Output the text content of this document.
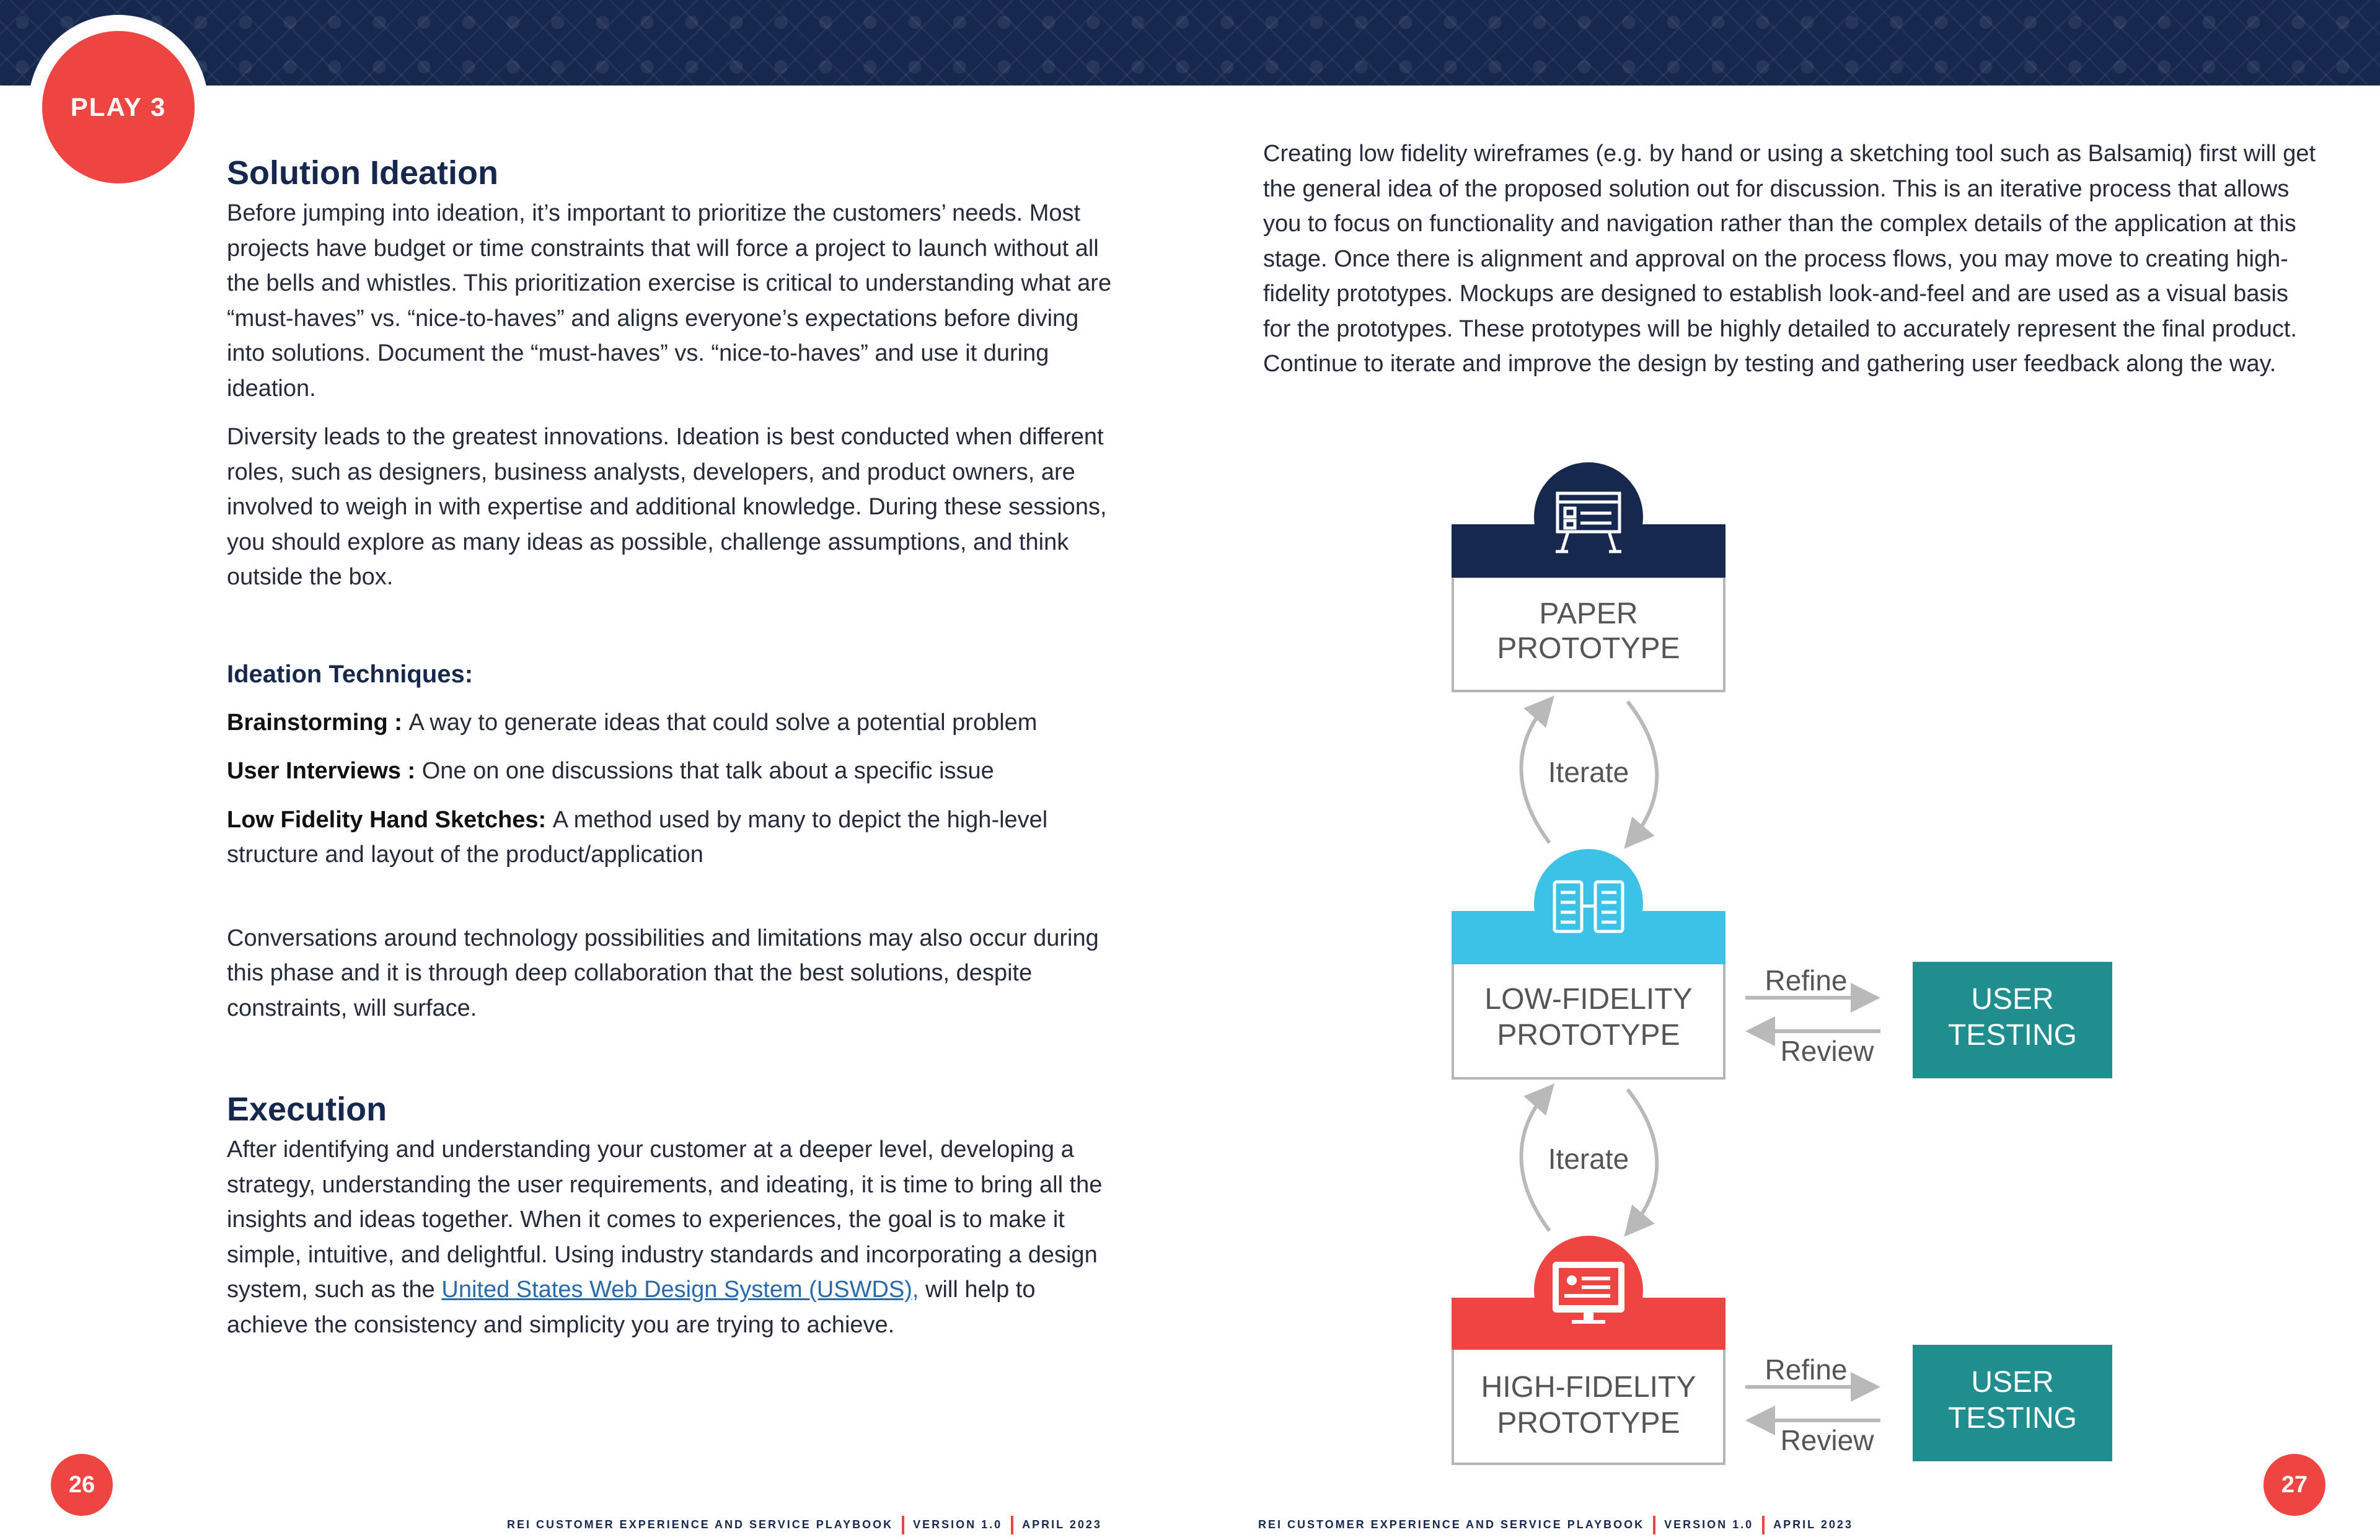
PLAY 3

Solution Ideation

Before jumping into ideation, it’s important to prioritize the customers’ needs. Most projects have budget or time constraints that will force a project to launch without all the bells and whistles. This prioritization exercise is critical to understanding what are “must-haves” vs. “nice-to-haves” and aligns everyone’s expectations before diving into solutions. Document the “must-haves” vs. “nice-to-haves” and use it during ideation.

Diversity leads to the greatest innovations. Ideation is best conducted when different roles, such as designers, business analysts, developers, and product owners, are involved to weigh in with expertise and additional knowledge. During these sessions, you should explore as many ideas as possible, challenge assumptions, and think outside the box.

Ideation Techniques:

Brainstorming : A way to generate ideas that could solve a potential problem

User Interviews : One on one discussions that talk about a specific issue

Low Fidelity Hand Sketches: A method used by many to depict the high-level structure and layout of the product/application

Conversations around technology possibilities and limitations may also occur during this phase and it is through deep collaboration that the best solutions, despite constraints, will surface.

Execution

After identifying and understanding your customer at a deeper level, developing a strategy, understanding the user requirements, and ideating, it is time to bring all the insights and ideas together. When it comes to experiences, the goal is to make it simple, intuitive, and delightful. Using industry standards and incorporating a design system, such as the United States Web Design System (USWDS), will help to achieve the consistency and simplicity you are trying to achieve.

26

Creating low fidelity wireframes (e.g. by hand or using a sketching tool such as Balsamiq) first will get the general idea of the proposed solution out for discussion. This is an iterative process that allows you to focus on functionality and navigation rather than the complex details of the application at this stage. Once there is alignment and approval on the process flows, you may move to creating high-fidelity prototypes. Mockups are designed to establish look-and-feel and are used as a visual basis for the prototypes. These prototypes will be highly detailed to accurately represent the final product. Continue to iterate and improve the design by testing and gathering user feedback along the way.

PAPER
PROTOTYPE
Iterate
LOW-FIDELITY
PROTOTYPE
Refine
Review
USER
TESTING
Iterate
HIGH-FIDELITY
PROTOTYPE
Refine
Review
USER
TESTING
27
REI CUSTOMER EXPERIENCE AND SERVICE PLAYBOOK VERSION 1.0 APRIL 2023	REI CUSTOMER EXPERIENCE AND SERVICE PLAYBOOK VERSION 1.0 APRIL 2023
